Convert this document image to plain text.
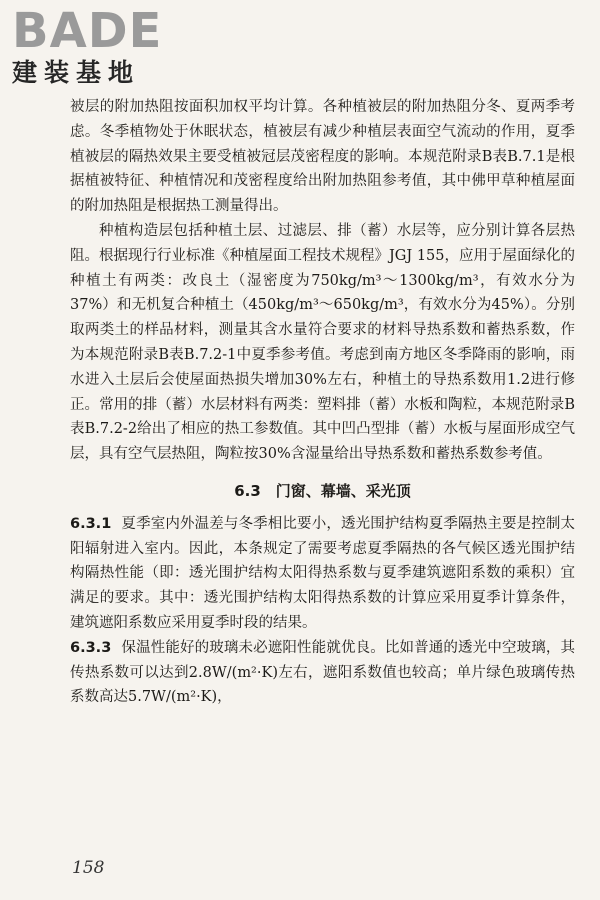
BADE
建装基地

被层的附加热阻按面积加权平均计算。各种植被层的附加热阻分冬、夏两季考虑。冬季植物处于休眠状态，植被层有减少种植层表面空气流动的作用，夏季植被层的隔热效果主要受植被冠层茂密程度的影响。本规范附录B表B.7.1是根据植被特征、种植情况和茂密程度给出附加热阻参考值，其中佛甲草种植屋面的附加热阻是根据热工测量得出。

种植构造层包括种植土层、过滤层、排（蓄）水层等，应分别计算各层热阻。根据现行行业标准《种植屋面工程技术规程》JGJ 155，应用于屋面绿化的种植土有两类：改良土（湿密度为750kg/m³～1300kg/m³，有效水分为37%）和无机复合种植土（450kg/m³～650kg/m³，有效水分为45%）。分别取两类土的样品材料，测量其含水量符合要求的材料导热系数和蓄热系数，作为本规范附录B表B.7.2-1中夏季参考值。考虑到南方地区冬季降雨的影响，雨水进入土层后会使屋面热损失增加30%左右，种植土的导热系数用1.2进行修正。常用的排（蓄）水层材料有两类：塑料排（蓄）水板和陶粒，本规范附录B表B.7.2-2给出了相应的热工参数值。其中凹凸型排（蓄）水板与屋面形成空气层，具有空气层热阻，陶粒按30%含湿量给出导热系数和蓄热系数参考值。

6.3　门窗、幕墙、采光顶

6.3.1 夏季室内外温差与冬季相比要小，透光围护结构夏季隔热主要是控制太阳辐射进入室内。因此，本条规定了需要考虑夏季隔热的各气候区透光围护结构隔热性能（即：透光围护结构太阳得热系数与夏季建筑遮阳系数的乘积）宜满足的要求。其中：透光围护结构太阳得热系数的计算应采用夏季计算条件，建筑遮阳系数应采用夏季时段的结果。

6.3.3 保温性能好的玻璃未必遮阳性能就优良。比如普通的透光中空玻璃，其传热系数可以达到2.8W/(m²·K)左右，遮阳系数值也较高；单片绿色玻璃传热系数高达5.7W/(m²·K)，

158
